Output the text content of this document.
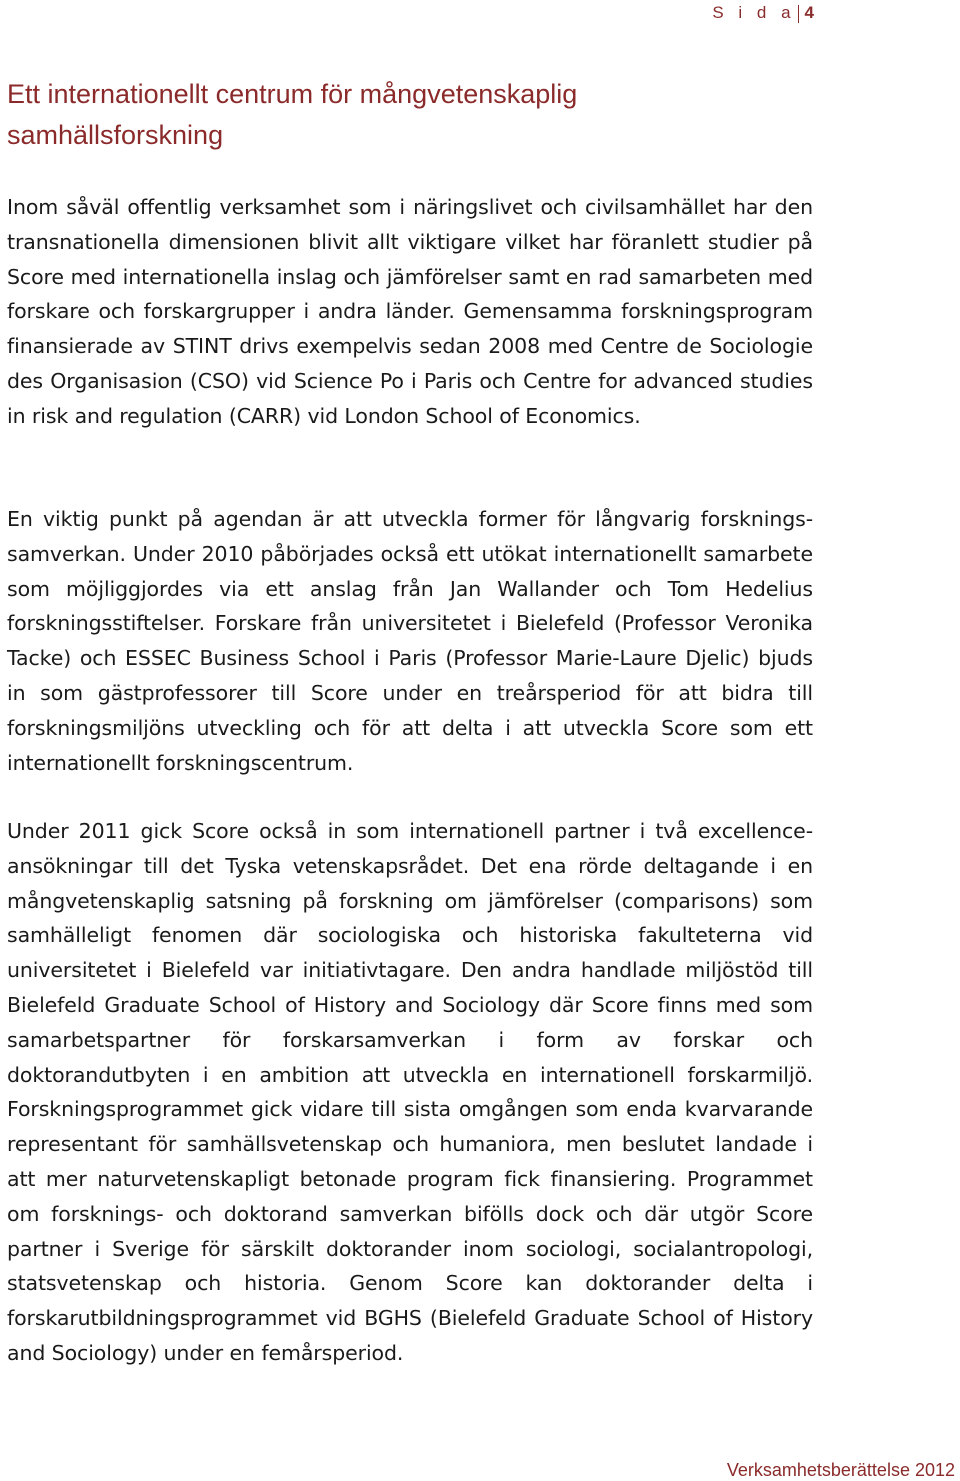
S i d a 4
Ett internationellt centrum för mångvetenskaplig samhällsforskning

Inom såväl offentlig verksamhet som i näringslivet och civilsamhället har den transnationella dimensionen blivit allt viktigare vilket har föranlett studier på Score med internationella inslag och jämförelser samt en rad samarbeten med forskare och forskargrupper i andra länder. Gemensamma forskningsprogram finansierade av STINT drivs exempelvis sedan 2008 med Centre de Sociologie des Organisasion (CSO) vid Science Po i Paris och Centre for advanced studies in risk and regulation (CARR) vid London School of Economics.

En viktig punkt på agendan är att utveckla former för långvarig forsknings-samverkan. Under 2010 påbörjades också ett utökat internationellt samarbete som möjliggjordes via ett anslag från Jan Wallander och Tom Hedelius forskningsstiftelser. Forskare från universitetet i Bielefeld (Professor Veronika Tacke) och ESSEC Business School i Paris (Professor Marie-Laure Djelic) bjuds in som gästprofessorer till Score under en treårsperiod för att bidra till forskningsmiljöns utveckling och för att delta i att utveckla Score som ett internationellt forskningscentrum.

Under 2011 gick Score också in som internationell partner i två excellence-ansökningar till det Tyska vetenskapsrådet. Det ena rörde deltagande i en mångvetenskaplig satsning på forskning om jämförelser (comparisons) som samhälleligt fenomen där sociologiska och historiska fakulteterna vid universitetet i Bielefeld var initiativtagare. Den andra handlade miljöstöd till Bielefeld Graduate School of History and Sociology där Score finns med som samarbetspartner för forskarsamverkan i form av forskar och doktorandutbyten i en ambition att utveckla en internationell forskarmiljö. Forskningsprogrammet gick vidare till sista omgången som enda kvarvarande representant för samhällsvetenskap och humaniora, men beslutet landade i att mer naturvetenskapligt betonade program fick finansiering. Programmet om forsknings- och doktorand samverkan bifölls dock och där utgör Score partner i Sverige för särskilt doktorander inom sociologi, socialantropologi, statsvetenskap och historia. Genom Score kan doktorander delta i forskarutbildningsprogrammet vid BGHS (Bielefeld Graduate School of History and Sociology) under en femårsperiod.

Verksamhetsberättelse 2012
